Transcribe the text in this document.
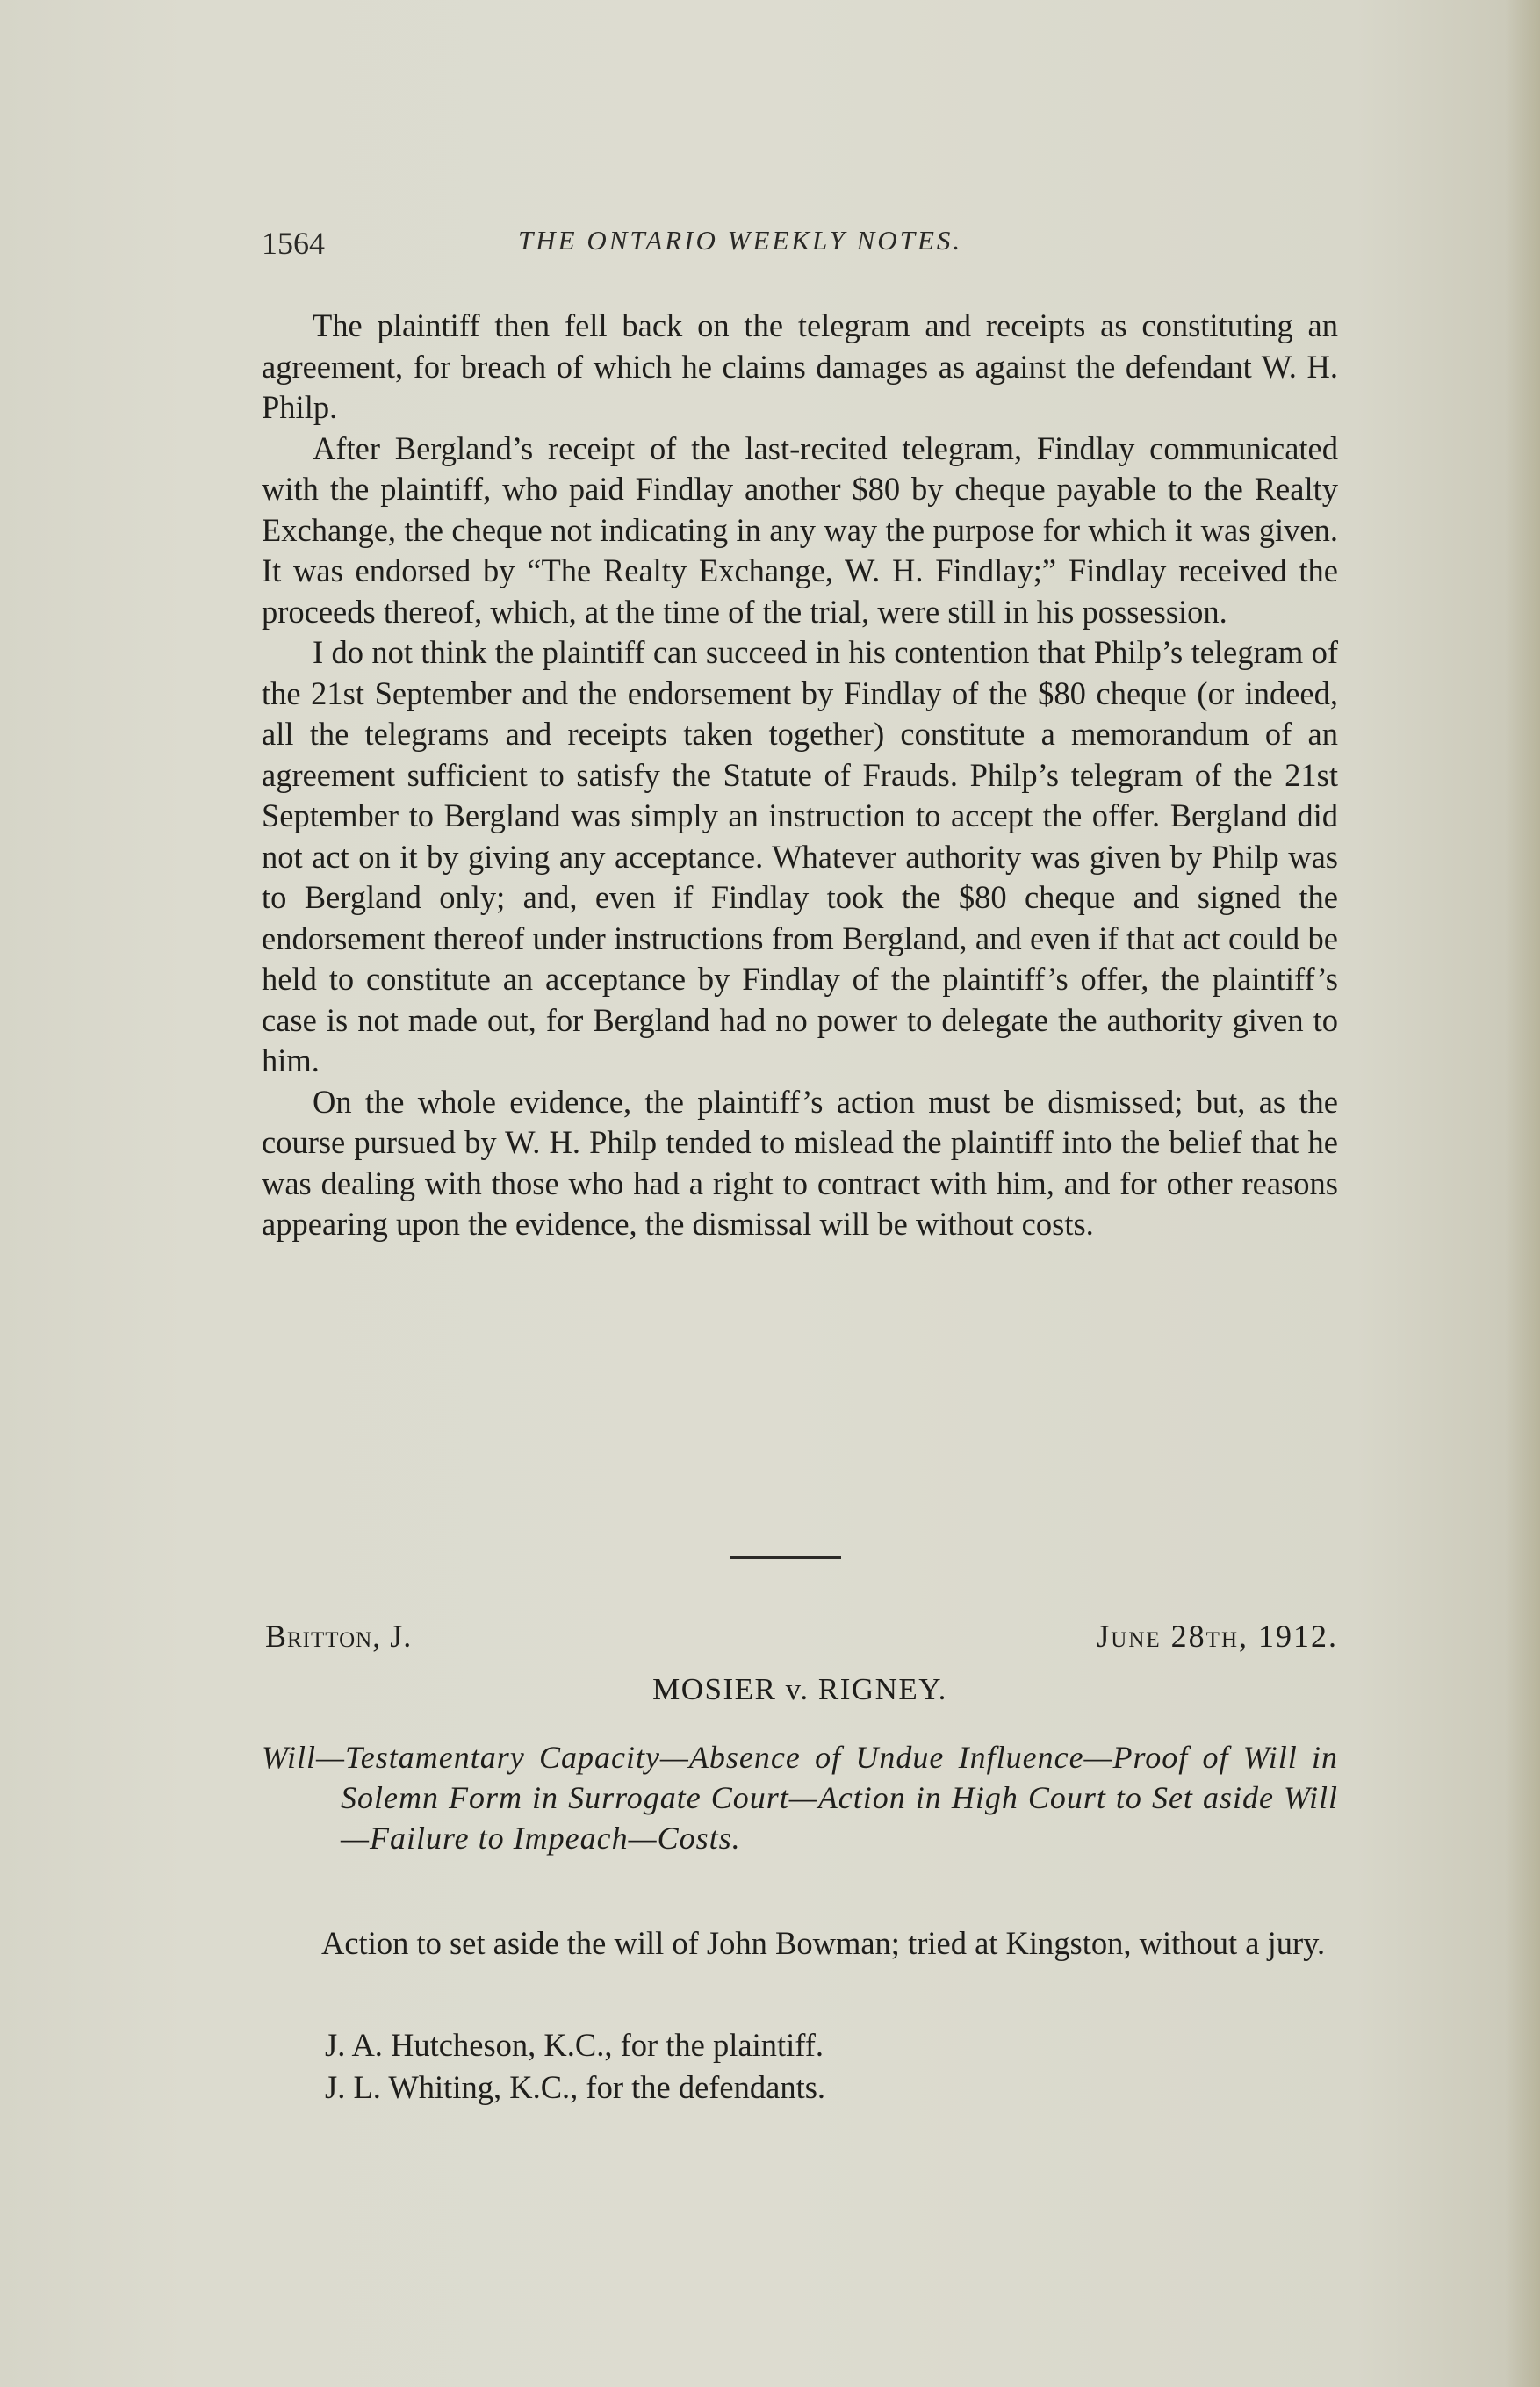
1564	THE ONTARIO WEEKLY NOTES.

The plaintiff then fell back on the telegram and receipts as constituting an agreement, for breach of which he claims damages as against the defendant W. H. Philp.

After Bergland’s receipt of the last-recited telegram, Findlay communicated with the plaintiff, who paid Findlay another $80 by cheque payable to the Realty Exchange, the cheque not indicating in any way the purpose for which it was given. It was endorsed by “The Realty Exchange, W. H. Findlay;” Findlay received the proceeds thereof, which, at the time of the trial, were still in his possession.

I do not think the plaintiff can succeed in his contention that Philp’s telegram of the 21st September and the endorsement by Findlay of the $80 cheque (or indeed, all the telegrams and receipts taken together) constitute a memorandum of an agreement sufficient to satisfy the Statute of Frauds. Philp’s telegram of the 21st September to Bergland was simply an instruction to accept the offer. Bergland did not act on it by giving any acceptance. Whatever authority was given by Philp was to Bergland only; and, even if Findlay took the $80 cheque and signed the endorsement thereof under instructions from Bergland, and even if that act could be held to constitute an acceptance by Findlay of the plaintiff’s offer, the plaintiff’s case is not made out, for Bergland had no power to delegate the authority given to him.

On the whole evidence, the plaintiff’s action must be dismissed; but, as the course pursued by W. H. Philp tended to mislead the plaintiff into the belief that he was dealing with those who had a right to contract with him, and for other reasons appearing upon the evidence, the dismissal will be without costs.

Britton, J.	June 28th, 1912.
MOSIER v. RIGNEY.
Will—Testamentary Capacity—Absence of Undue Influence—Proof of Will in Solemn Form in Surrogate Court—Action in High Court to Set aside Will—Failure to Impeach—Costs.

Action to set aside the will of John Bowman; tried at Kingston, without a jury.

J. A. Hutcheson, K.C., for the plaintiff.
J. L. Whiting, K.C., for the defendants.
